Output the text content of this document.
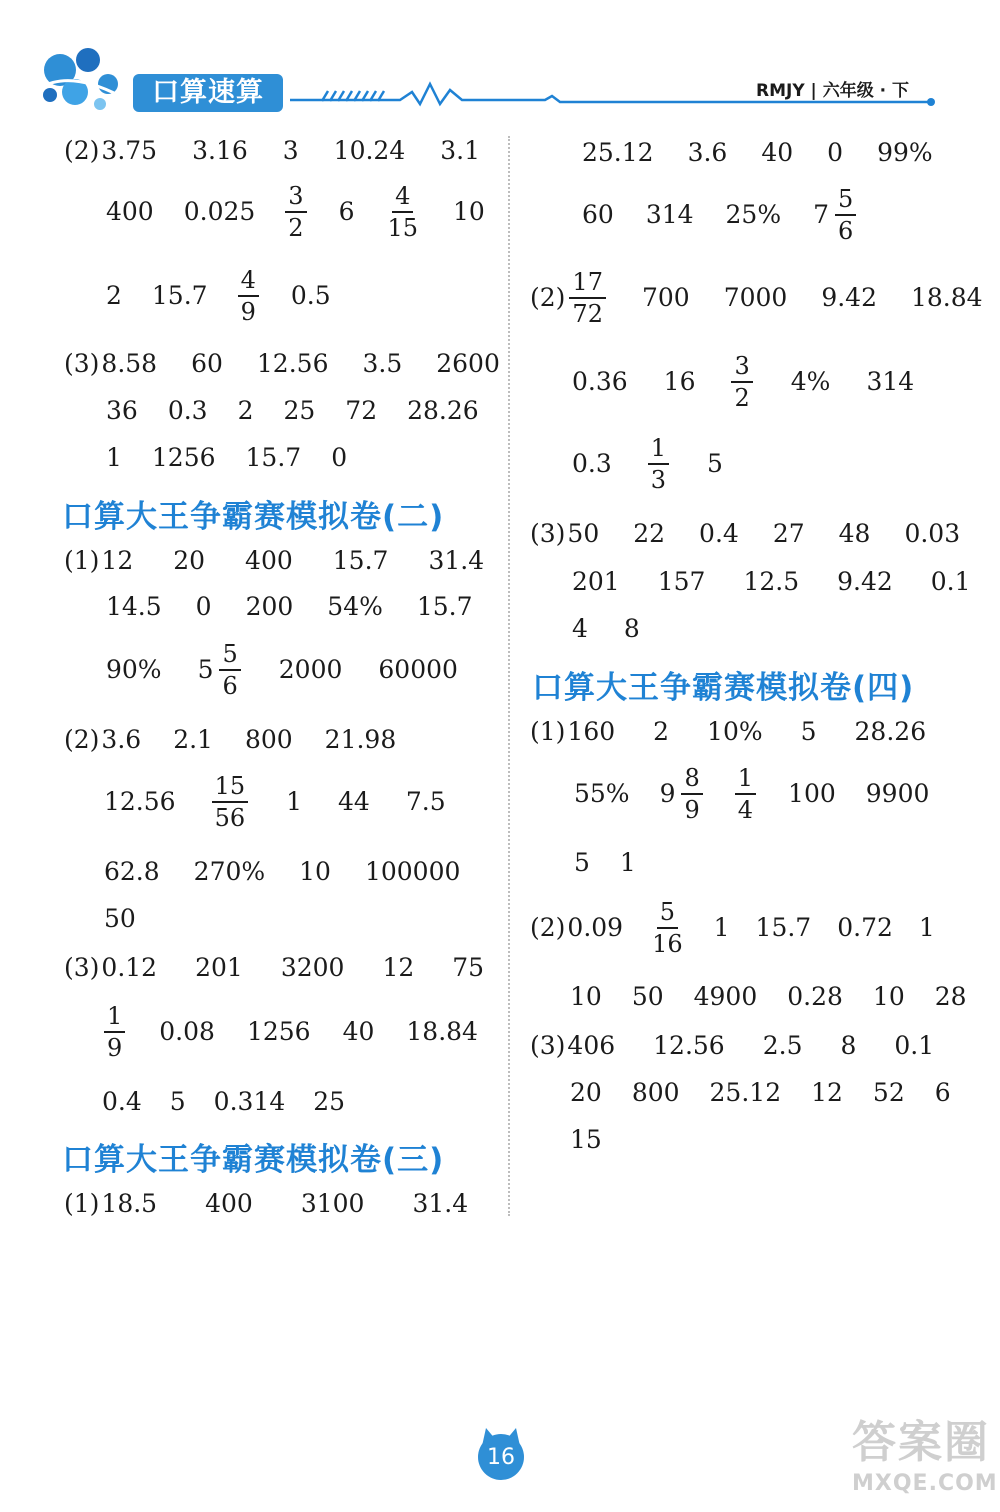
口算速算	RMJY | 六年级 · 下
(2)3.75 3.16 3 10.24 3.1
400 $0.025 \frac{3}{2} 6 \frac{4}{15} 10$
2 $15.7 \frac{4}{9} 0.5$
(3)8.58 60 12.56 3.5 2600
36 0.3 2 25 72 28.26
1 1256 15.7 0
口算大王争霸赛模拟卷(二)
(1)12 20 400 15.7 31.4
14.5 0 200 54% 15.7
90% $5 \frac{5}{6} 2000$ 60000
(2)3.6 2.1 800 21.98
$12.56 \frac{15}{56} 1$ 44 7.5
62.8 270% 10 100000
50
(3)0.12 201 3200 12 75
$\frac{1}{9} 0.08$ 1256 40 18.84
0.4 5 0.314 25
口算大王争霸赛模拟卷(三)
(1)18.5 400 3100 31.4
25.12 3.6 40 0 99%
60 314 25% $7 \frac{5}{6}$
$(2) \frac{17}{72} 700$ 7000 9.42 18.84
0.36 $16 \frac{3}{2} 4\%$ 314
$0.3 \frac{1}{3} 5$
(3)50 22 0.4 27 48 0.03
201 157 12.5 9.42 0.1
4 8
口算大王争霸赛模拟卷(四)
(1)160 2 10% 5 28.26
55% $9 \frac{8}{9} \frac{1}{4} 100$ 9900
5 1
$(2)0.09 \frac{5}{16} 1$ 15.7 0.72 1
10 50 4900 0.28 10 28
(3)406 12.56 2.5 8 0.1
20 800 25.12 12 52 6
15
16	答案圈
MXQE.COM
